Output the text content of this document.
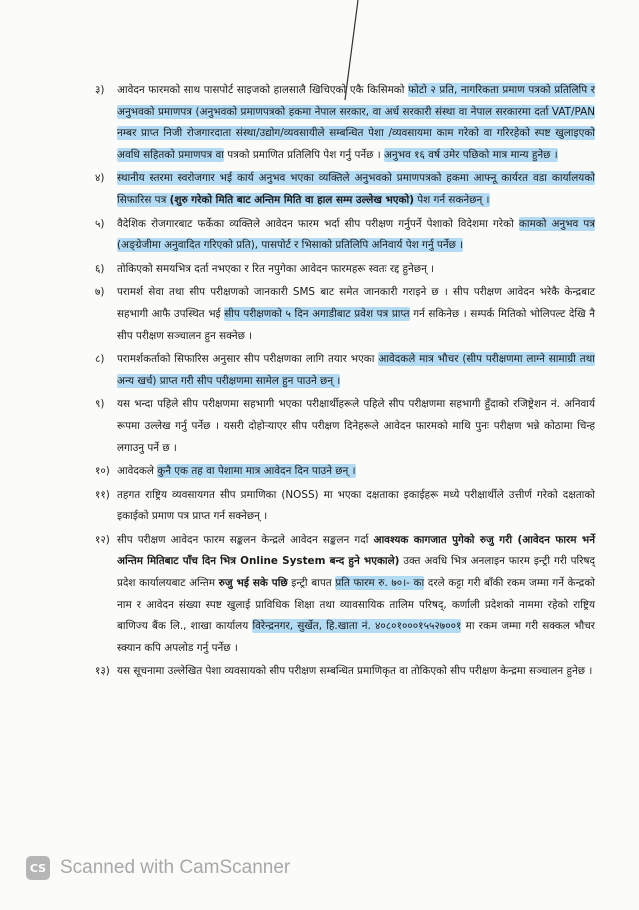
३)	आवेदन फारमको साथ पासपोर्ट साइजको हालसालै खिचिएको एकै किसिमको फोटो २ प्रति, नागरिकता प्रमाण पत्रको प्रतिलिपि र अनुभवको प्रमाणपत्र (अनुभवको प्रमाणपत्रको हकमा नेपाल सरकार, वा अर्ध सरकारी संस्था वा नेपाल सरकारमा दर्ता VAT/PAN नम्बर प्राप्त निजी रोजगारदाता संस्था/उद्योग/व्यवसायीले सम्बन्धित पेशा /व्यवसायमा काम गरेको वा गरिरहेको स्पष्ट खुलाइएको अवधि सहितको प्रमाणपत्र वा पत्रको प्रमाणित प्रतिलिपि पेश गर्नु पर्नेछ । अनुभव १६ वर्ष उमेर पछिको मात्र मान्य हुनेछ ।
४)	स्थानीय स्तरमा स्वरोजगार भई कार्य अनुभव भएका व्यक्तिले अनुभवको प्रमाणपत्रको हकमा आफ्नू कार्यरत वडा कार्यालयको सिफारिस पत्र (शुरु गरेको मिति बाट अन्तिम मिति वा हाल सम्म उल्लेख भएको) पेश गर्न सकनेछन् ।
५)	वैदेशिक रोजगारबाट फर्केका व्यक्तिले आवेदन फारम भर्दा सीप परीक्षण गर्नुपर्ने पेशाको विदेशमा गरेको कामको अनुभव पत्र (अङ्ग्रेजीमा अनुवादित गरिएको प्रति), पासपोर्ट र भिसाको प्रतिलिपि अनिवार्य पेश गर्नु पर्नेछ ।
६)	तोकिएको समयभित्र दर्ता नभएका र रित नपुगेका आवेदन फारमहरू स्वतः रद्द हुनेछन् ।
७)	परामर्श सेवा तथा सीप परीक्षणको जानकारी SMS बाट समेत जानकारी गराइने छ । सीप परीक्षण आवेदन भरेकै केन्द्रबाट सहभागी आफै उपस्थित भई सीप परीक्षणको ५ दिन अगाडीबाट प्रवेश पत्र प्राप्त गर्न सकिनेछ । सम्पर्क मितिको भोलिपल्ट देखि नै सीप परीक्षण सञ्चालन हुन सक्नेछ ।
८)	परामर्शकर्ताको सिफारिस अनुसार सीप परीक्षणका लागि तयार भएका आवेदकले मात्र भौचर (सीप परीक्षणमा लाग्ने सामाग्री तथा अन्य खर्च) प्राप्त गरी सीप परीक्षणमा सामेल हुन पाउने छन् ।
९)	यस भन्दा पहिले सीप परीक्षणमा सहभागी भएका परीक्षार्थीहरूले पहिले सीप परीक्षणमा सहभागी हुँदाको रजिष्ट्रेशन नं. अनिवार्य रूपमा उल्लेख गर्नु पर्नेछ । यसरी दोहोऱ्याएर सीप परीक्षण दिनेहरूले आवेदन फारमको माथि पुनः परीक्षण भन्ने कोठामा चिन्ह लगाउनु पर्ने छ ।
१०) आवेदकले कुनै एक तह वा पेशामा मात्र आवेदन दिन पाउने छन् ।
११) तहगत राष्ट्रिय व्यवसायगत सीप प्रमाणिका (NOSS) मा भएका दक्षताका इकाईहरू मध्ये परीक्षार्थीले उत्तीर्ण गरेको दक्षताको इकाईको प्रमाण पत्र प्राप्त गर्न सक्नेछन् ।
१२) सीप परीक्षण आवेदन फारम सङ्कलन केन्द्रले आवेदन सङ्कलन गर्दा आवश्यक कागजात पुगेको रुजु गरी (आवेदन फारम भर्ने अन्तिम मितिबाट पाँच दिन भित्र Online System बन्द हुने भएकाले) उक्त अवधि भित्र अनलाइन फारम इन्ट्री गरी परिषद् प्रदेश कार्यालयबाट अन्तिम रुजु भई सके पछि इन्ट्री बापत प्रति फारम रु. ७०।- का दरले कट्टा गरी बाँकी रकम जम्मा गर्ने केन्द्रको नाम र आवेदन संख्या स्पष्ट खुलाई प्राविधिक शिक्षा तथा व्यावसायिक तालिम परिषद्, कर्णाली प्रदेशको नाममा रहेको राष्ट्रिय बाणिज्य बैंक लि., शाखा कार्यालय विरेन्द्रनगर, सुर्खेत, हि.खाता नं. ४०८०१०००१५५२७००१ मा रकम जम्मा गरी सक्कल भौचर स्क्यान कपि अपलोड गर्नु पर्नेछ ।
१३) यस सूचनामा उल्लेखित पेशा व्यवसायको सीप परीक्षण सम्बन्धित प्रमाणिकृत वा तोकिएको सीप परीक्षण केन्द्रमा सञ्चालन हुनेछ ।
CS Scanned with CamScanner
